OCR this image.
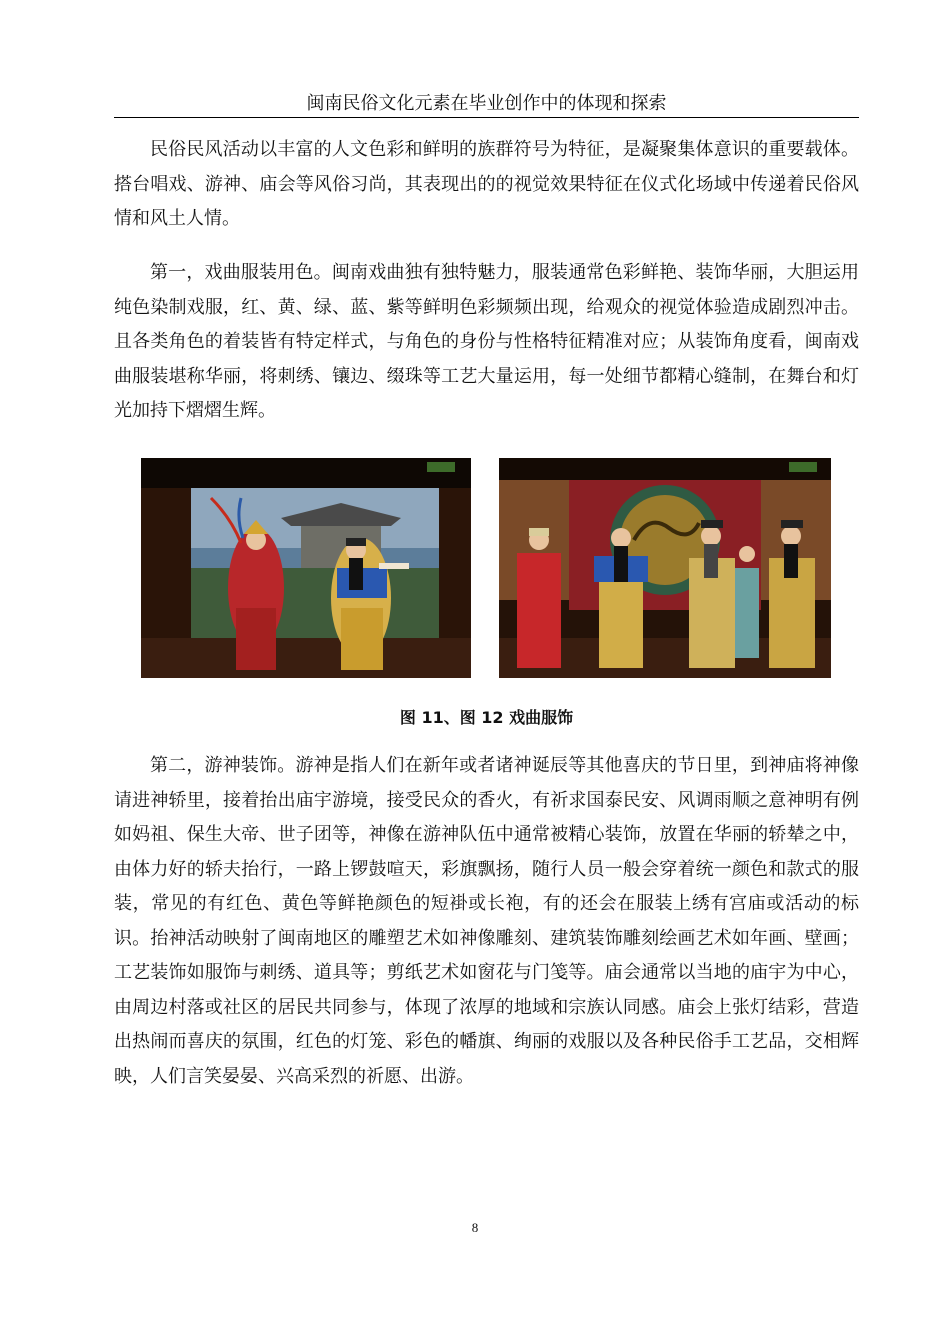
闽南民俗文化元素在毕业创作中的体现和探索

民俗民风活动以丰富的人文色彩和鲜明的族群符号为特征，是凝聚集体意识的重要载体。搭台唱戏、游神、庙会等风俗习尚，其表现出的的视觉效果特征在仪式化场域中传递着民俗风情和风土人情。

第一，戏曲服装用色。闽南戏曲独有独特魅力，服装通常色彩鲜艳、装饰华丽，大胆运用纯色染制戏服，红、黄、绿、蓝、紫等鲜明色彩频频出现，给观众的视觉体验造成剧烈冲击。且各类角色的着装皆有特定样式，与角色的身份与性格特征精准对应；从装饰角度看，闽南戏曲服装堪称华丽，将刺绣、镶边、缀珠等工艺大量运用，每一处细节都精心缝制，在舞台和灯光加持下熠熠生辉。

图 11、图 12 戏曲服饰

第二，游神装饰。游神是指人们在新年或者诸神诞辰等其他喜庆的节日里，到神庙将神像请进神轿里，接着抬出庙宇游境，接受民众的香火，有祈求国泰民安、风调雨顺之意神明有例如妈祖、保生大帝、世子团等，神像在游神队伍中通常被精心装饰，放置在华丽的轿辇之中，由体力好的轿夫抬行，一路上锣鼓喧天，彩旗飘扬，随行人员一般会穿着统一颜色和款式的服装，常见的有红色、黄色等鲜艳颜色的短褂或长袍，有的还会在服装上绣有宫庙或活动的标识。抬神活动映射了闽南地区的雕塑艺术如神像雕刻、建筑装饰雕刻绘画艺术如年画、壁画；工艺装饰如服饰与刺绣、道具等；剪纸艺术如窗花与门笺等。庙会通常以当地的庙宇为中心，由周边村落或社区的居民共同参与，体现了浓厚的地域和宗族认同感。庙会上张灯结彩，营造出热闹而喜庆的氛围，红色的灯笼、彩色的幡旗、绚丽的戏服以及各种民俗手工艺品，交相辉映，人们言笑晏晏、兴高采烈的祈愿、出游。

8
